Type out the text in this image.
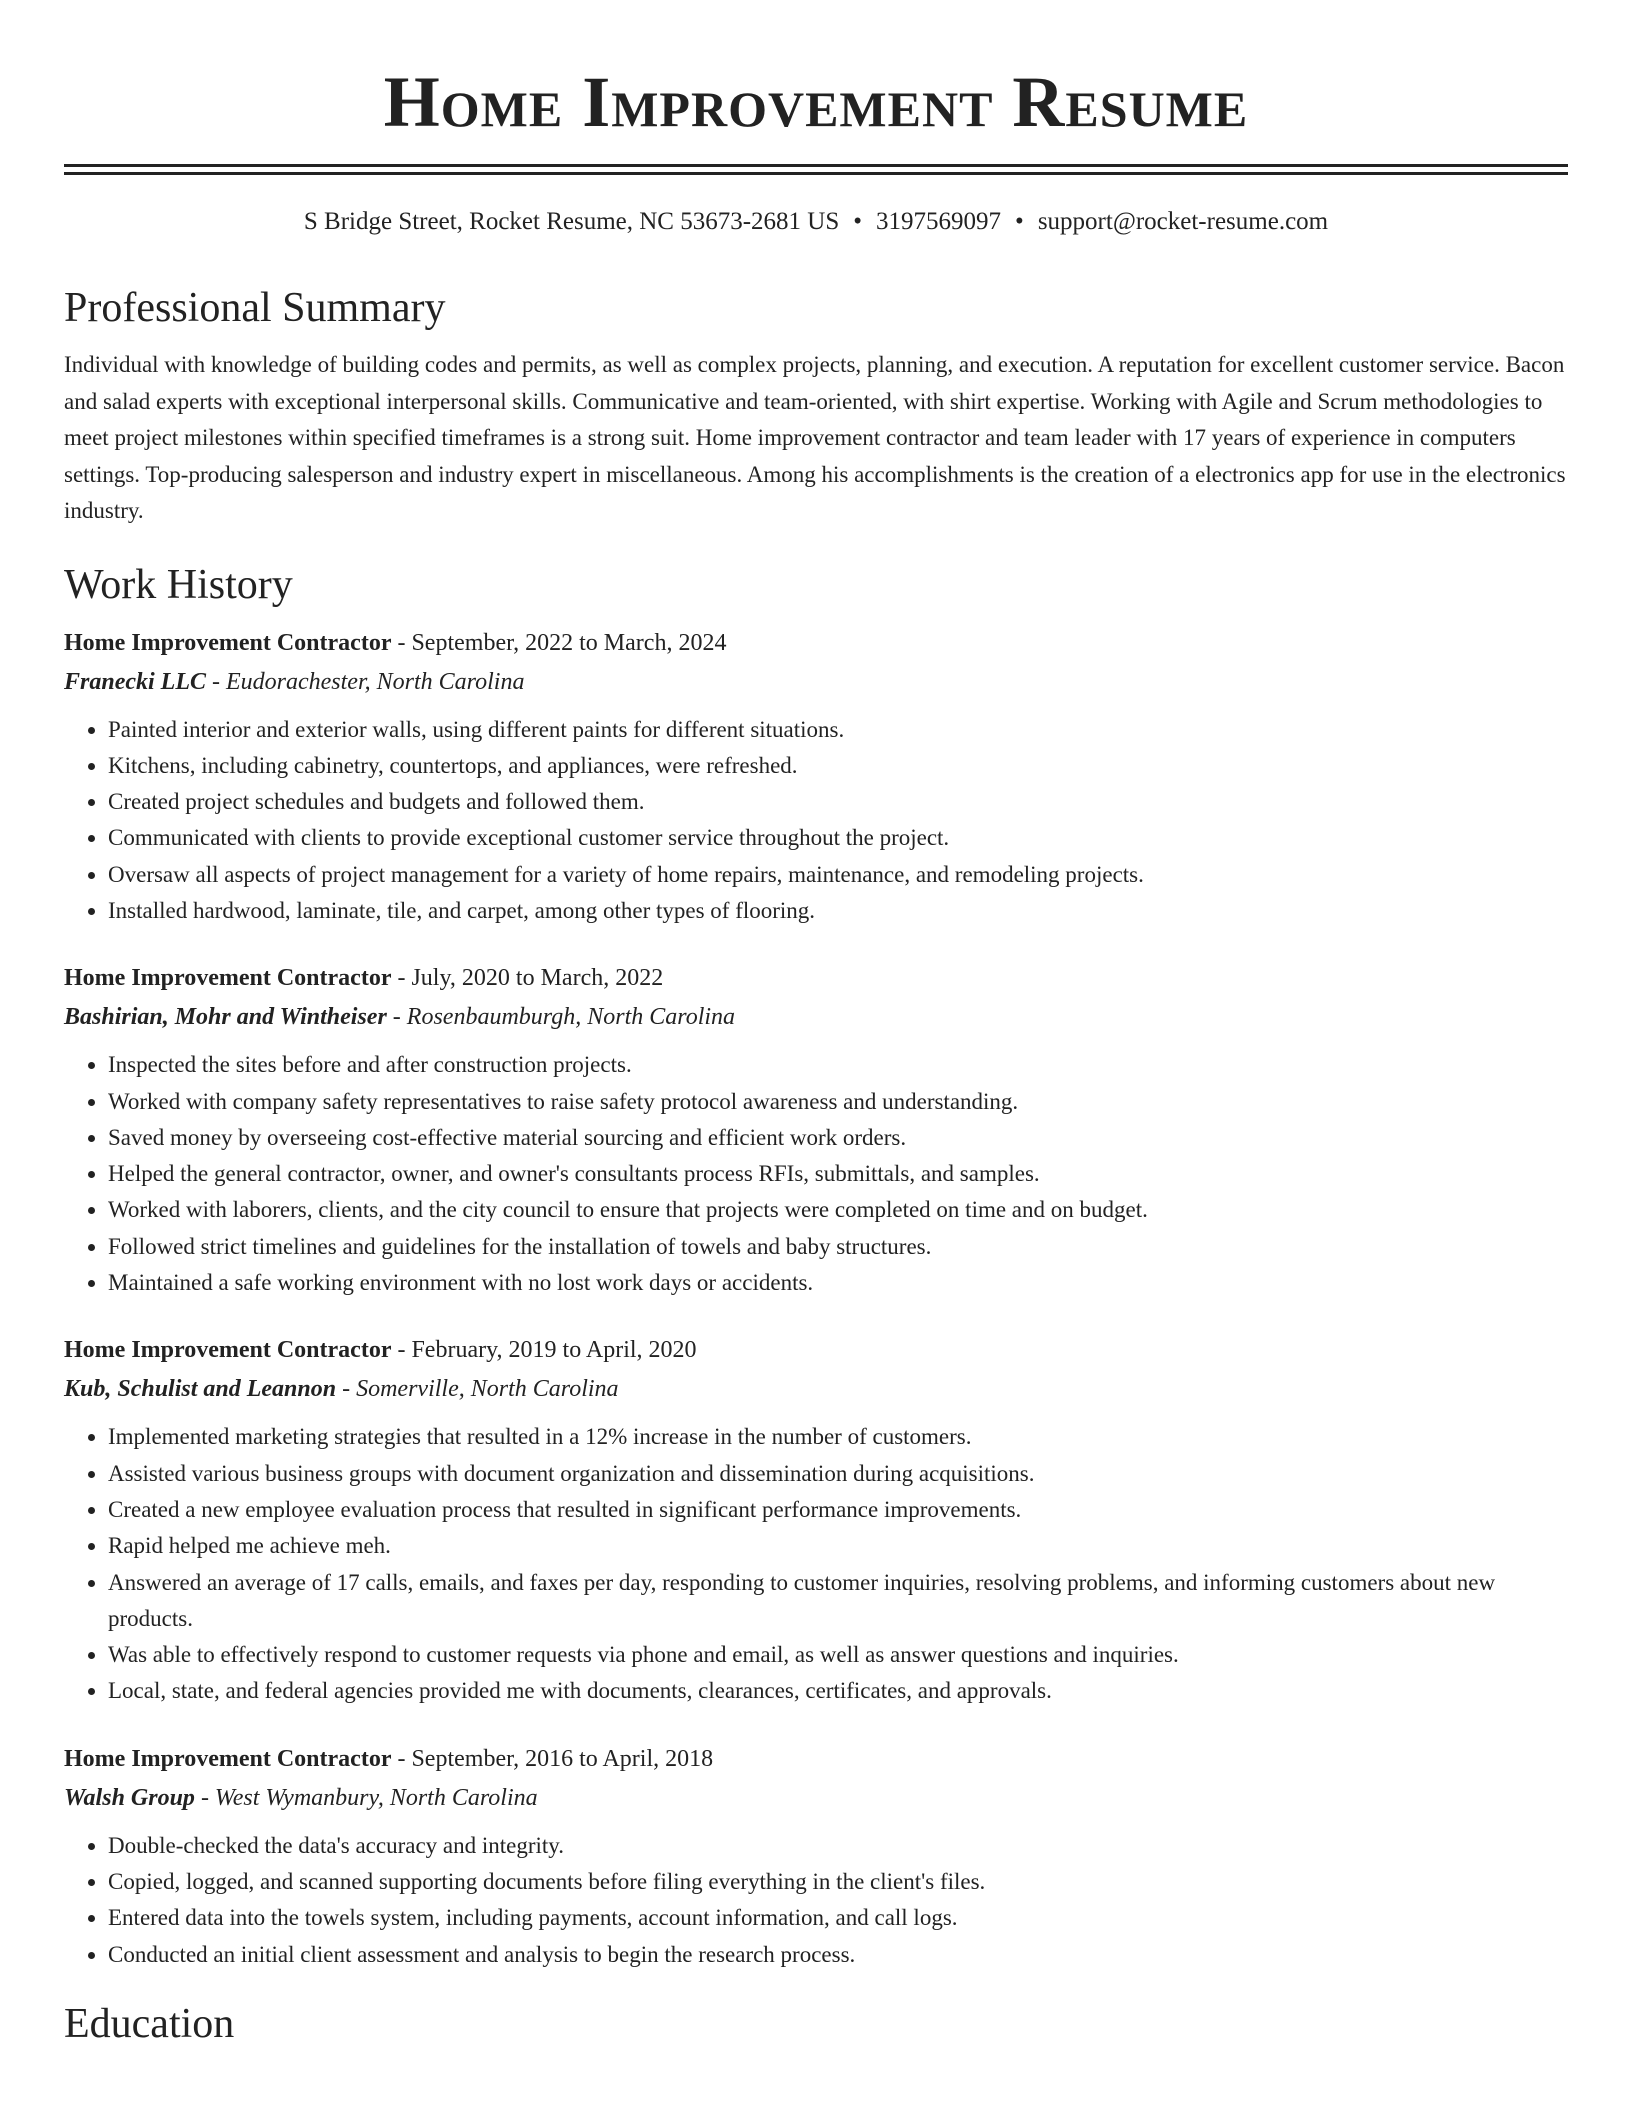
Home Improvement Resume
S Bridge Street, Rocket Resume, NC 53673-2681 US • 3197569097 • support@rocket-resume.com
Professional Summary

Individual with knowledge of building codes and permits, as well as complex projects, planning, and execution. A reputation for excellent customer service. Bacon and salad experts with exceptional interpersonal skills. Communicative and team-oriented, with shirt expertise. Working with Agile and Scrum methodologies to meet project milestones within specified timeframes is a strong suit. Home improvement contractor and team leader with 17 years of experience in computers settings. Top-producing salesperson and industry expert in miscellaneous. Among his accomplishments is the creation of a electronics app for use in the electronics industry.

Work History
Home Improvement Contractor - September, 2022 to March, 2024
Franecki LLC - Eudorachester, North Carolina
• Painted interior and exterior walls, using different paints for different situations.
• Kitchens, including cabinetry, countertops, and appliances, were refreshed.
• Created project schedules and budgets and followed them.
• Communicated with clients to provide exceptional customer service throughout the project.
• Oversaw all aspects of project management for a variety of home repairs, maintenance, and remodeling projects.
• Installed hardwood, laminate, tile, and carpet, among other types of flooring.
Home Improvement Contractor - July, 2020 to March, 2022
Bashirian, Mohr and Wintheiser - Rosenbaumburgh, North Carolina
• Inspected the sites before and after construction projects.
• Worked with company safety representatives to raise safety protocol awareness and understanding.
• Saved money by overseeing cost-effective material sourcing and efficient work orders.
• Helped the general contractor, owner, and owner's consultants process RFIs, submittals, and samples.
• Worked with laborers, clients, and the city council to ensure that projects were completed on time and on budget.
• Followed strict timelines and guidelines for the installation of towels and baby structures.
• Maintained a safe working environment with no lost work days or accidents.
Home Improvement Contractor - February, 2019 to April, 2020
Kub, Schulist and Leannon - Somerville, North Carolina
• Implemented marketing strategies that resulted in a 12% increase in the number of customers.
• Assisted various business groups with document organization and dissemination during acquisitions.
• Created a new employee evaluation process that resulted in significant performance improvements.
• Rapid helped me achieve meh.
• Answered an average of 17 calls, emails, and faxes per day, responding to customer inquiries, resolving problems, and informing customers about new products.
• Was able to effectively respond to customer requests via phone and email, as well as answer questions and inquiries.
• Local, state, and federal agencies provided me with documents, clearances, certificates, and approvals.
Home Improvement Contractor - September, 2016 to April, 2018
Walsh Group - West Wymanbury, North Carolina
• Double-checked the data's accuracy and integrity.
• Copied, logged, and scanned supporting documents before filing everything in the client's files.
• Entered data into the towels system, including payments, account information, and call logs.
• Conducted an initial client assessment and analysis to begin the research process.
Education
